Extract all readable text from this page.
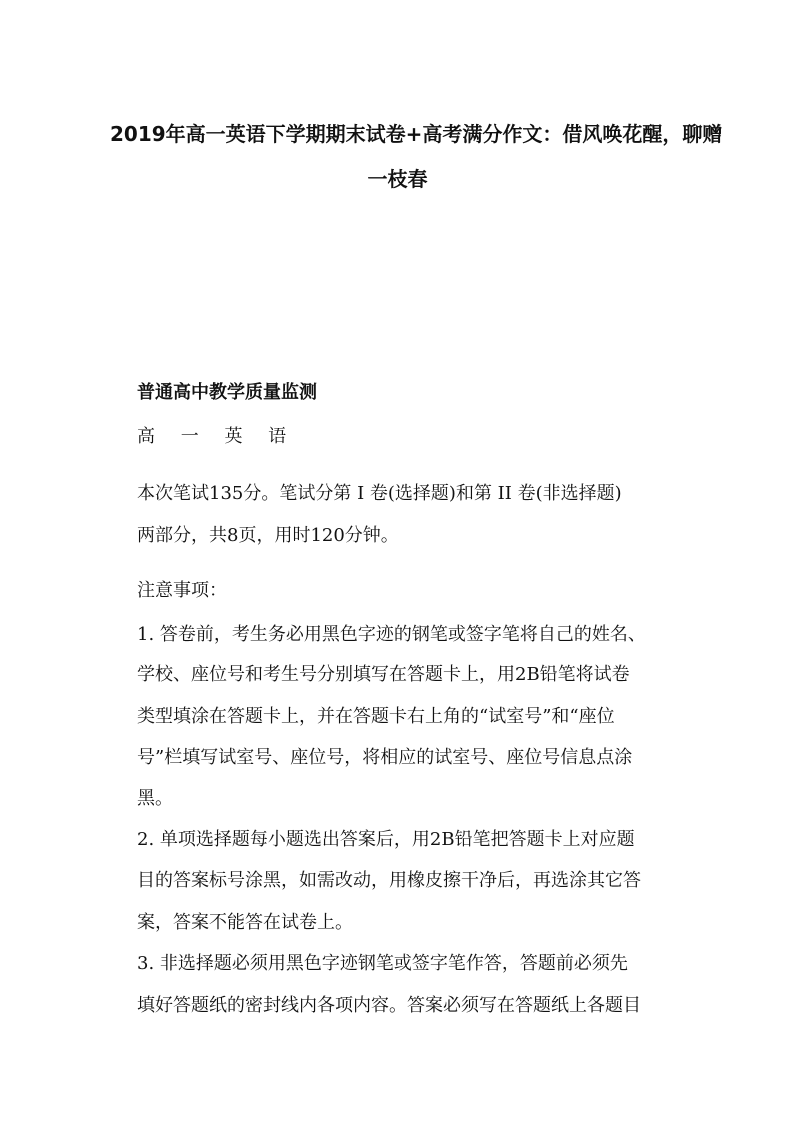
2019年高一英语下学期期末试卷+高考满分作文：借风唤花醒，聊赠
一枝春
普通高中教学质量监测
高 一 英 语
本次笔试135分。笔试分第 I 卷(选择题)和第 II 卷(非选择题)
两部分，共8页，用时120分钟。
注意事项：
1. 答卷前，考生务必用黑色字迹的钢笔或签字笔将自己的姓名、
学校、座位号和考生号分别填写在答题卡上，用2B铅笔将试卷
类型填涂在答题卡上，并在答题卡右上角的“试室号”和“座位
号”栏填写试室号、座位号，将相应的试室号、座位号信息点涂
黑。
2. 单项选择题每小题选出答案后，用2B铅笔把答题卡上对应题
目的答案标号涂黑，如需改动，用橡皮擦干净后，再选涂其它答
案，答案不能答在试卷上。
3. 非选择题必须用黑色字迹钢笔或签字笔作答，答题前必须先
填好答题纸的密封线内各项内容。答案必须写在答题纸上各题目
